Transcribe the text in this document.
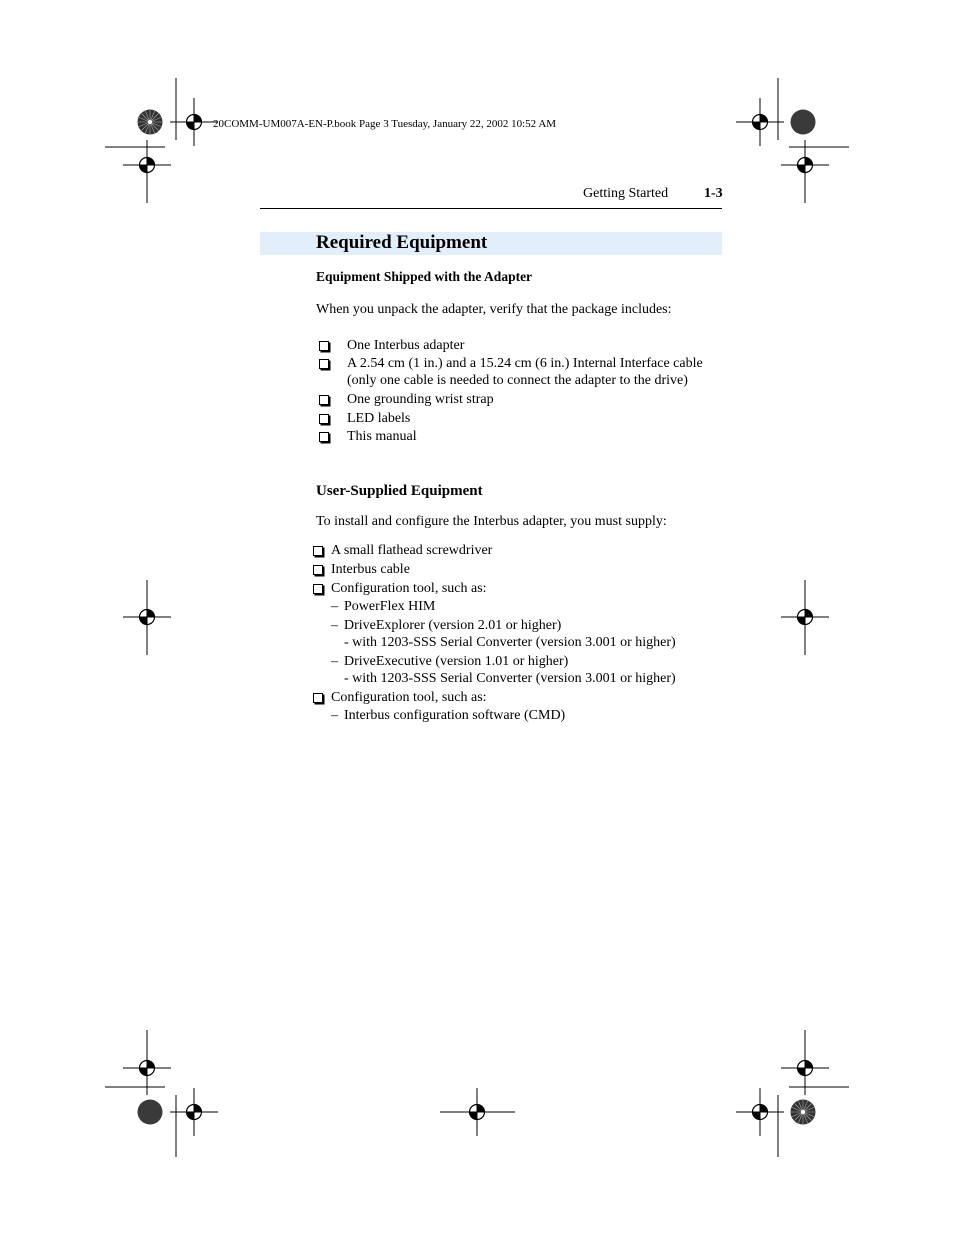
20COMM-UM007A-EN-P.book Page 3 Tuesday, January 22, 2002 10:52 AM
Getting Started	1-3
Required Equipment
Equipment Shipped with the Adapter
When you unpack the adapter, verify that the package includes:
One Interbus adapter
A 2.54 cm (1 in.) and a 15.24 cm (6 in.) Internal Interface cable
(only one cable is needed to connect the adapter to the drive)
One grounding wrist strap
LED labels
This manual
User-Supplied Equipment
To install and configure the Interbus adapter, you must supply:
A small flathead screwdriver
Interbus cable
Configuration tool, such as:
– PowerFlex HIM
– DriveExplorer (version 2.01 or higher)
- with 1203-SSS Serial Converter (version 3.001 or higher)
– DriveExecutive (version 1.01 or higher)
- with 1203-SSS Serial Converter (version 3.001 or higher)
Configuration tool, such as:
– Interbus configuration software (CMD)
